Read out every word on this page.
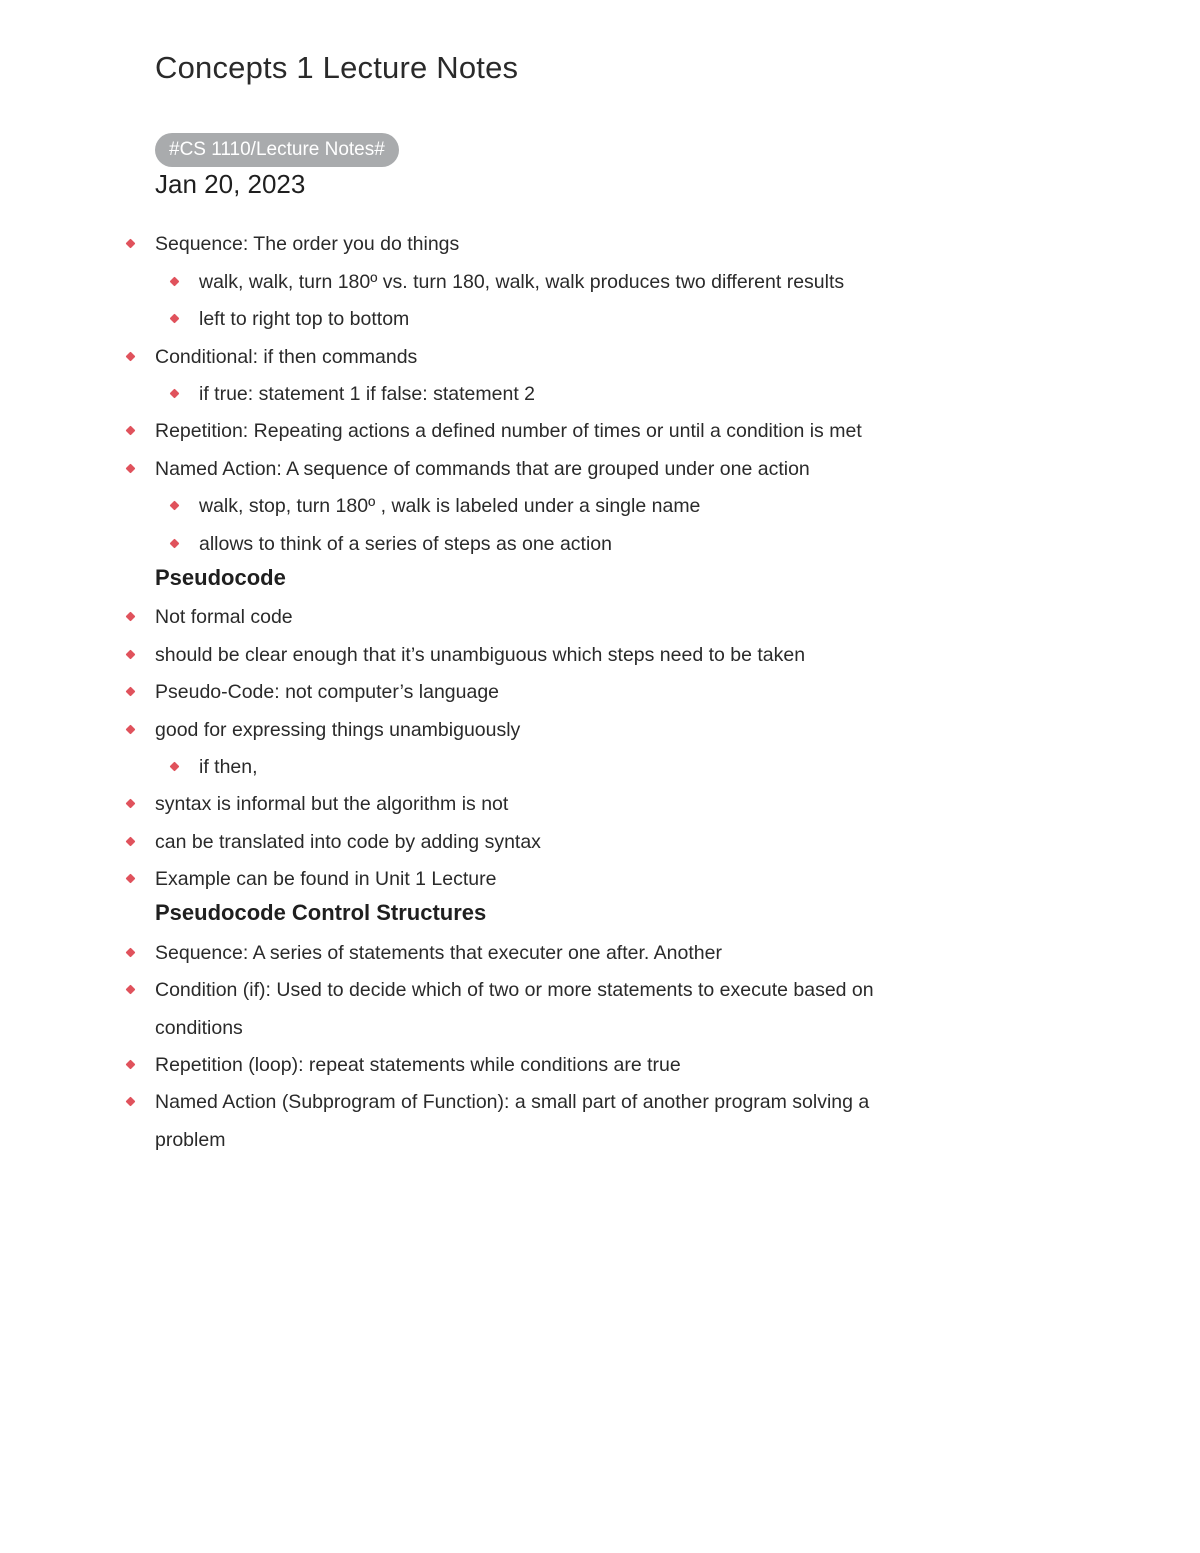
Concepts 1 Lecture Notes
#CS 1110/Lecture Notes#
Jan 20, 2023
Sequence: The order you do things
walk, walk, turn 180º vs. turn 180, walk, walk produces two different results
left to right top to bottom
Conditional: if then commands
if true: statement 1 if false: statement 2
Repetition: Repeating actions a defined number of times or until a condition is met
Named Action: A sequence of commands that are grouped under one action
walk, stop, turn 180º , walk is labeled under a single name
allows to think of a series of steps as one action
Pseudocode
Not formal code
should be clear enough that it’s unambiguous which steps need to be taken
Pseudo-Code: not computer’s language
good for expressing things unambiguously
if then,
syntax is informal but the algorithm is not
can be translated into code by adding syntax
Example can be found in Unit 1 Lecture
Pseudocode Control Structures
Sequence: A series of statements that executer one after. Another
Condition (if): Used to decide which of two or more statements to execute based on
conditions
Repetition (loop): repeat statements while conditions are true
Named Action (Subprogram of Function): a small part of another program solving a
problem
